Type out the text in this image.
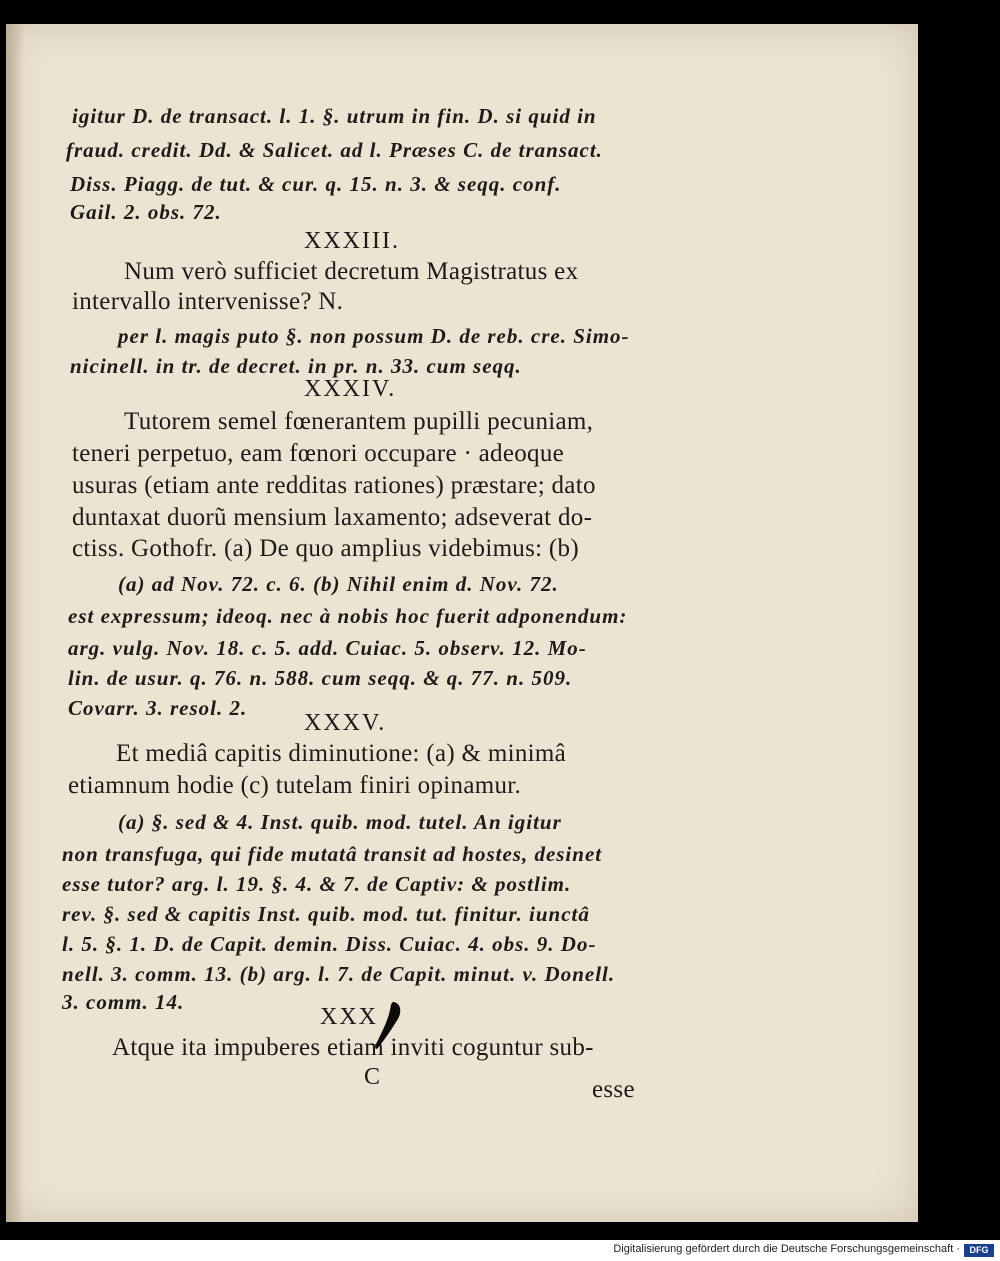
igitur D. de transact. l. 1. §. utrum in fin. D. si quid in
fraud. credit. Dd. & Salicet. ad l. Præses C. de transact.
Diss. Piagg. de tut. & cur. q. 15. n. 3. & seqq. conf.
Gail. 2. obs. 72.
XXXIII.
Num verò sufficiet decretum Magistratus ex
intervallo intervenisse? N.
per l. magis puto §. non possum D. de reb. cre. Simo-
nicinell. in tr. de decret. in pr. n. 33. cum seqq.
XXXIV.
Tutorem semel fœnerantem pupilli pecuniam,
teneri perpetuo, eam fœnori occupare · adeoque
usuras (etiam ante redditas rationes) præstare; dato
duntaxat duorũ mensium laxamento; adseverat do-
ctiss. Gothofr. (a) De quo amplius videbimus: (b)
(a) ad Nov. 72. c. 6. (b) Nihil enim d. Nov. 72.
est expressum; ideoq. nec à nobis hoc fuerit adponendum:
arg. vulg. Nov. 18. c. 5. add. Cuiac. 5. observ. 12. Mo-
lin. de usur. q. 76. n. 588. cum seqq. & q. 77. n. 509.
Covarr. 3. resol. 2.
XXXV.
Et mediâ capitis diminutione: (a) & minimâ
etiamnum hodie (c) tutelam finiri opinamur.
(a) §. sed & 4. Inst. quib. mod. tutel. An igitur
non transfuga, qui fide mutatâ transit ad hostes, desinet
esse tutor? arg. l. 19. §. 4. & 7. de Captiv: & postlim.
rev. §. sed & capitis Inst. quib. mod. tut. finitur. iunctâ
l. 5. §. 1. D. de Capit. demin. Diss. Cuiac. 4. obs. 9. Do-
nell. 3. comm. 13. (b) arg. l. 7. de Capit. minut. v. Donell.
3. comm. 14.
XXX
Atque ita impuberes etiam inviti coguntur sub-
C	esse
Digitalisierung gefördert durch die Deutsche Forschungsgemeinschaft ·	DFG
